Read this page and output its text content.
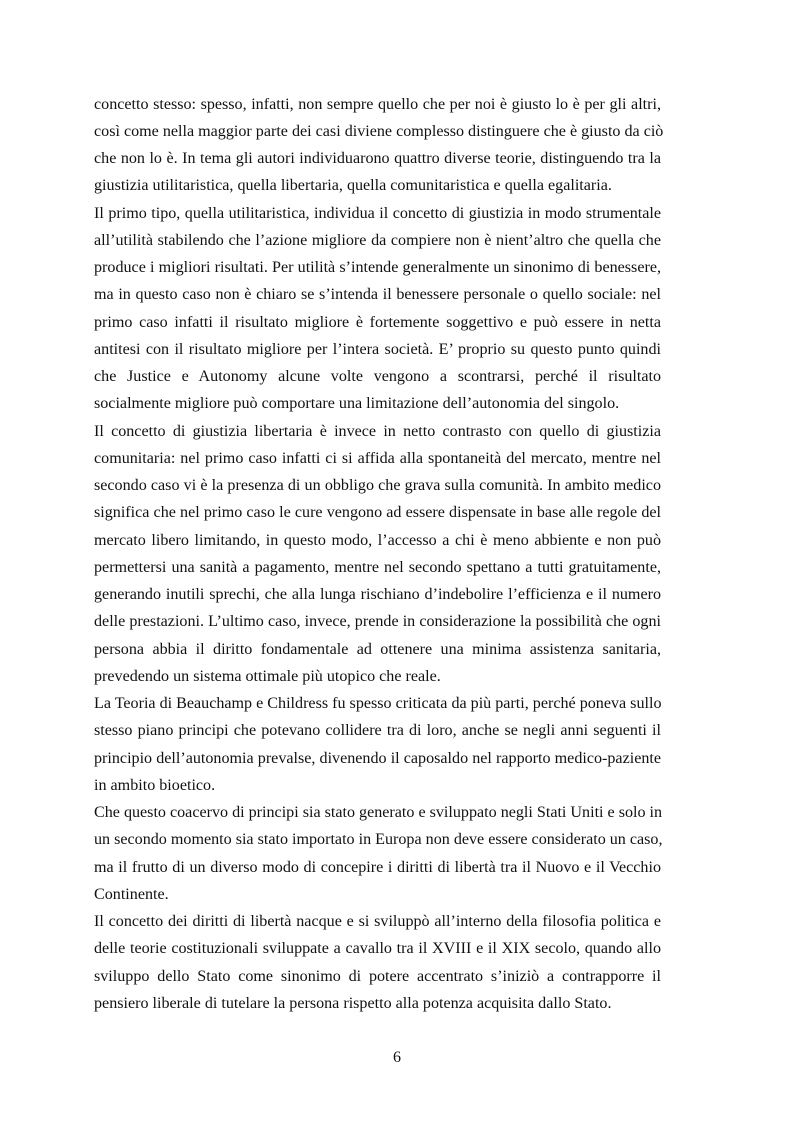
concetto stesso: spesso, infatti, non sempre quello che per noi è giusto lo è per gli altri,
così come nella maggior parte dei casi diviene complesso distinguere che è giusto da ciò
che non lo è. In tema gli autori individuarono quattro diverse teorie, distinguendo tra la
giustizia utilitaristica, quella libertaria, quella comunitaristica e quella egalitaria.
Il primo tipo, quella utilitaristica, individua il concetto di giustizia in modo strumentale
all’utilità stabilendo che l’azione migliore da compiere non è nient’altro che quella che
produce i migliori risultati. Per utilità s’intende generalmente un sinonimo di benessere,
ma in questo caso non è chiaro se s’intenda il benessere personale o quello sociale: nel
primo caso infatti il risultato migliore è fortemente soggettivo e può essere in netta
antitesi con il risultato migliore per l’intera società. E’ proprio su questo punto quindi
che Justice e Autonomy alcune volte vengono a scontrarsi, perché il risultato
socialmente migliore può comportare una limitazione dell’autonomia del singolo.
Il concetto di giustizia libertaria è invece in netto contrasto con quello di giustizia
comunitaria: nel primo caso infatti ci si affida alla spontaneità del mercato, mentre nel
secondo caso vi è la presenza di un obbligo che grava sulla comunità. In ambito medico
significa che nel primo caso le cure vengono ad essere dispensate in base alle regole del
mercato libero limitando, in questo modo, l’accesso a chi è meno abbiente e non può
permettersi una sanità a pagamento, mentre nel secondo spettano a tutti gratuitamente,
generando inutili sprechi, che alla lunga rischiano d’indebolire l’efficienza e il numero
delle prestazioni. L’ultimo caso, invece, prende in considerazione la possibilità che ogni
persona abbia il diritto fondamentale ad ottenere una minima assistenza sanitaria,
prevedendo un sistema ottimale più utopico che reale.
La Teoria di Beauchamp e Childress fu spesso criticata da più parti, perché poneva sullo
stesso piano principi che potevano collidere tra di loro, anche se negli anni seguenti il
principio dell’autonomia prevalse, divenendo il caposaldo nel rapporto medico-paziente
in ambito bioetico.
Che questo coacervo di principi sia stato generato e sviluppato negli Stati Uniti e solo in
un secondo momento sia stato importato in Europa non deve essere considerato un caso,
ma il frutto di un diverso modo di concepire i diritti di libertà tra il Nuovo e il Vecchio
Continente.
Il concetto dei diritti di libertà nacque e si sviluppò all’interno della filosofia politica e
delle teorie costituzionali sviluppate a cavallo tra il XVIII e il XIX secolo, quando allo
sviluppo dello Stato come sinonimo di potere accentrato s’iniziò a contrapporre il
pensiero liberale di tutelare la persona rispetto alla potenza acquisita dallo Stato.
6
